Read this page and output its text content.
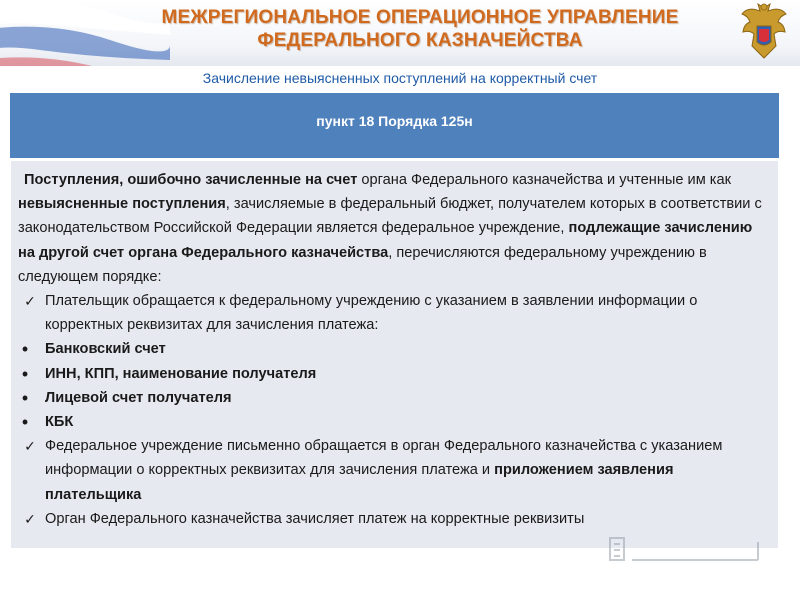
МЕЖРЕГИОНАЛЬНОЕ ОПЕРАЦИОННОЕ УПРАВЛЕНИЕ
ФЕДЕРАЛЬНОГО КАЗНАЧЕЙСТВА
Зачисление невыясненных поступлений на корректный счет
пункт 18 Порядка 125н

Поступления, ошибочно зачисленные на счет органа Федерального казначейства и учтенные им как невыясненные поступления, зачисляемые в федеральный бюджет, получателем которых в соответствии с законодательством Российской Федерации является федеральное учреждение, подлежащие зачислению на другой счет органа Федерального казначейства, перечисляются федеральному учреждению в следующем порядке:

✓ Плательщик обращается к федеральному учреждению с указанием в заявлении информации о корректных реквизитах для зачисления платежа:
• Банковский счет
• ИНН, КПП, наименование получателя
• Лицевой счет получателя
• КБК
✓ Федеральное учреждение письменно обращается в орган Федерального казначейства с указанием информации о корректных реквизитах для зачисления платежа и приложением заявления плательщика
✓ Орган Федерального казначейства зачисляет платеж на корректные реквизиты
